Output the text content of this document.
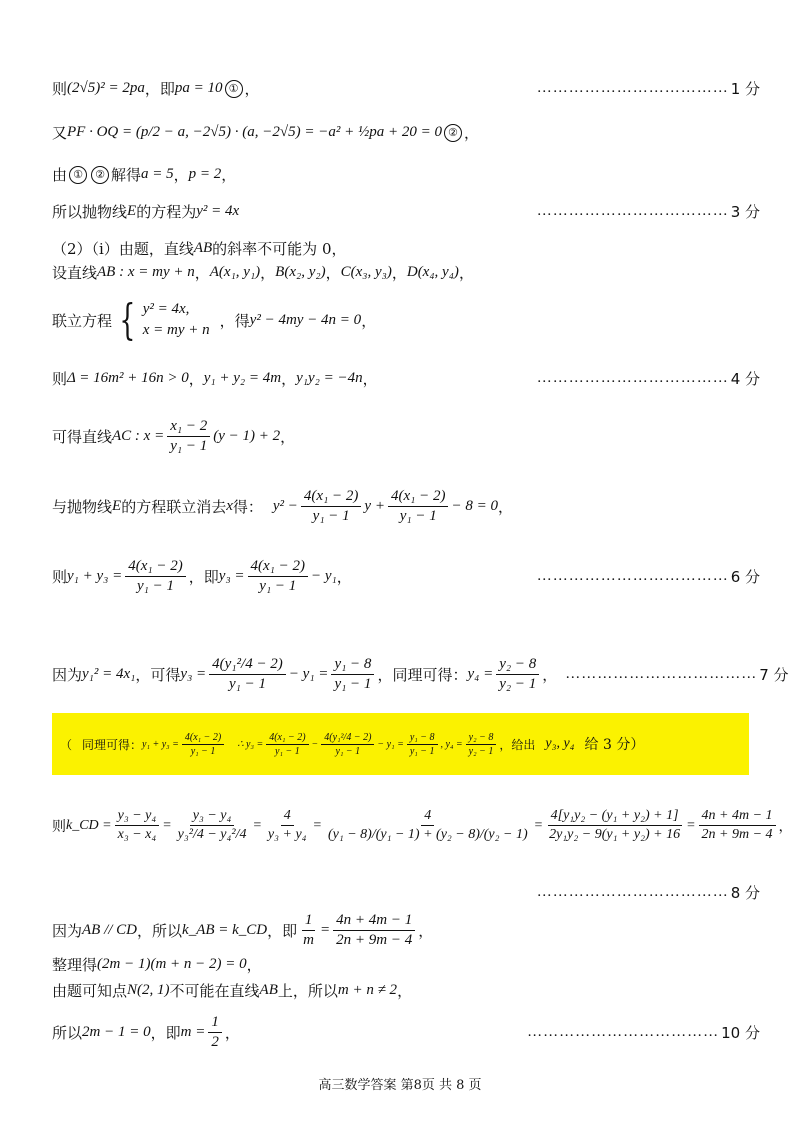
则 (2√5)² = 2pa ，即 pa = 10 ① ，	……………………………… 1 分
又 PF · OQ = (p/2 − a, −2√5) · (a, −2√5) = −a² + ½pa + 20 = 0 ② ，
由 ①	② 解得 a = 5 ， p = 2 ，
所以抛物线 E 的方程为 y² = 4x	……………………………… 3 分
（2）（i）由题，直线 AB 的斜率不可能为 0，
设直线 AB : x = my + n ， A(x₁, y₁) ， B(x₂, y₂) ， C(x₃, y₃) ， D(x₄, y₄) ，
联立方程 { y² = 4x,
x = my + n
，得 y² − 4my − 4n = 0 ，
则 Δ = 16m² + 16n > 0 ， y₁ + y₂ = 4m ， y₁y₂ = −4n ，	……………………………… 4 分
可得直线 AC : $x = \frac{\text{x₁ − 2}}{\text{y₁ − 1}} (y - 1) + 2$ ，
与抛物线 E 的方程联立消去 x 得： $y^2 - \frac{\text{4(x₁ − 2)}}{\text{y₁ − 1}}$ $y + \frac{\text{4(x₁ − 2)}}{\text{y₁ − 1}} - 8 = 0$ ，
则 $y_1 + y_3 = \frac{\text{4(x₁ − 2)}}{\text{y₁ − 1}}$ ，即 $y_3 = \frac{\text{4(x₁ − 2)}}{\text{y₁ − 1}} - y_1$ ，	……………………………… 6 分
因为 y₁² = 4x₁ ，可得 $y_3 = \frac{\text{4(y₁²/4 − 2)}}{\text{y₁ − 1}} - y_1 = \frac{\text{y₁ − 8}}{\text{y₁ − 1}}$ ，同理可得： $y_4 = \frac{\text{y₂ − 8}}{\text{y₂ − 1}}$ ， ……………………………… 7 分
（ 同理可得： $y_1 + y_3 = \frac{\text{4(x₁ − 2)}}{\text{y₁ − 1}}$ ∴ $y_3 = \frac{\text{4(x₁ − 2)}}{\text{y₁ − 1}} - \frac{\text{4(y₁²/4 − 2)}}{\text{y₁ − 1}} - y_1 = \frac{\text{y₁ − 8}}{\text{y₁ − 1}}$ , $y_4 = \frac{\text{y₂ − 8}}{\text{y₂ − 1}}$ ，给出 y₃, y₄ 给 3 分）
则 k_CD = $\frac{\text{y₃ − y₄}}{\text{x₃ − x₄}} = \frac{\text{y₃ − y₄}}{\text{y₃²/4 − y₄²/4}} = \frac{4}{\text{y₃ + y₄}} = \frac{4}{\text{(y₁ − 8)/(y₁ − 1) + (y₂ − 8)/(y₂ − 1)}} = \frac{\text{4[y₁y₂ − (y₁ + y₂) + 1]}}{\text{2y₁y₂ − 9(y₁ + y₂) + 16}} = \frac{4n + 4m - 1}{2n + 9m - 4}$ ，
……………………………… 8 分
因为 AB // CD ，所以 k_AB = k_CD ，即 $\frac{1}{m} = \frac{4n + 4m - 1}{2n + 9m - 4}$ ，
整理得 (2m − 1)(m + n − 2) = 0 ，
由题可知点 N(2, 1) 不可能在直线 AB 上，所以 m + n ≠ 2 ，
所以 2m − 1 = 0 ，即 $m = \frac{1}{2}$ ，	……………………………… 10 分
高三数学答案 第8页 共 8 页
